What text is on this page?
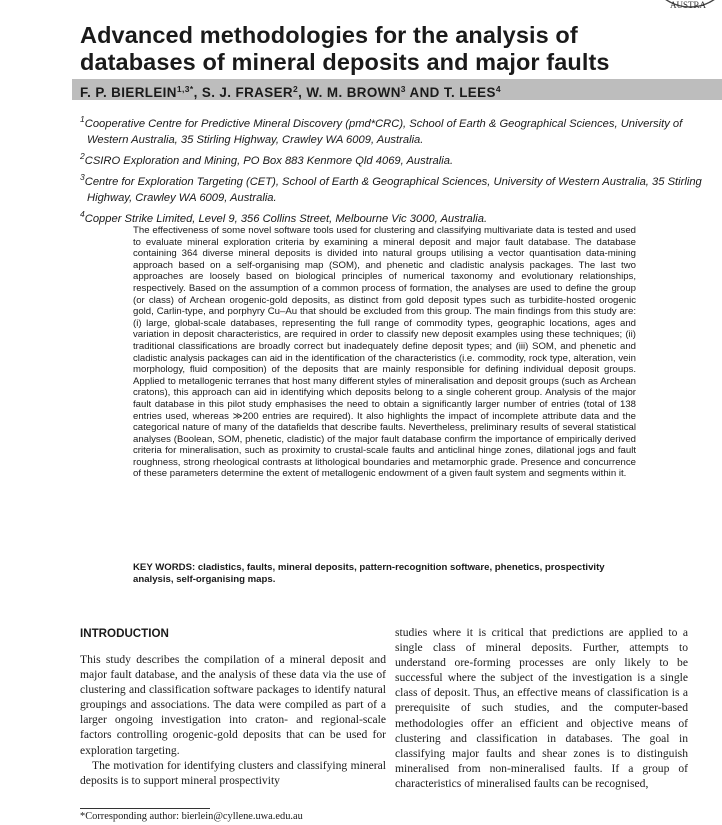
AUSTRA
Advanced methodologies for the analysis of databases of mineral deposits and major faults
F. P. $BIERLEIN^{1,3*}$, S. J. FRASER$^2$, W. M. BROWN$^3$ AND T. LEES$^4$

$^1$Cooperative Centre for Predictive Mineral Discovery (pmd*CRC), School of Earth & Geographical Sciences, University of Western Australia, 35 Stirling Highway, Crawley WA 6009, Australia.

$^2$CSIRO Exploration and Mining, PO Box 883 Kenmore Qld 4069, Australia.

$^3$Centre for Exploration Targeting (CET), School of Earth & Geographical Sciences, University of Western Australia, 35 Stirling Highway, Crawley WA 6009, Australia.

$^4$Copper Strike Limited, Level 9, 356 Collins Street, Melbourne Vic 3000, Australia.

The effectiveness of some novel software tools used for clustering and classifying multivariate data is tested and used to evaluate mineral exploration criteria by examining a mineral deposit and major fault database. The database containing 364 diverse mineral deposits is divided into natural groups utilising a vector quantisation data-mining approach based on a self-organising map (SOM), and phenetic and cladistic analysis packages. The last two approaches are loosely based on biological principles of numerical taxonomy and evolutionary relationships, respectively. Based on the assumption of a common process of formation, the analyses are used to define the group (or class) of Archean orogenic-gold deposits, as distinct from gold deposit types such as turbidite-hosted orogenic gold, Carlin-type, and porphyry Cu–Au that should be excluded from this group. The main findings from this study are: (i) large, global-scale databases, representing the full range of commodity types, geographic locations, ages and variation in deposit characteristics, are required in order to classify new deposit examples using these techniques; (ii) traditional classifications are broadly correct but inadequately define deposit types; and (iii) SOM, and phenetic and cladistic analysis packages can aid in the identification of the characteristics (i.e. commodity, rock type, alteration, vein morphology, fluid composition) of the deposits that are mainly responsible for defining individual deposit groups. Applied to metallogenic terranes that host many different styles of mineralisation and deposit groups (such as Archean cratons), this approach can aid in identifying which deposits belong to a single coherent group. Analysis of the major fault database in this pilot study emphasises the need to obtain a significantly larger number of entries (total of 138 entries used, whereas ≫200 entries are required). It also highlights the impact of incomplete attribute data and the categorical nature of many of the datafields that describe faults. Nevertheless, preliminary results of several statistical analyses (Boolean, SOM, phenetic, cladistic) of the major fault database confirm the importance of empirically derived criteria for mineralisation, such as proximity to crustal-scale faults and anticlinal hinge zones, dilational jogs and fault roughness, strong rheological contrasts at lithological boundaries and metamorphic grade. Presence and concurrence of these parameters determine the extent of metallogenic endowment of a given fault system and segments within it.

KEY WORDS: cladistics, faults, mineral deposits, pattern-recognition software, phenetics, prospectivity analysis, self-organising maps.

INTRODUCTION

This study describes the compilation of a mineral deposit and major fault database, and the analysis of these data via the use of clustering and classification software packages to identify natural groupings and associations. The data were compiled as part of a larger ongoing investigation into craton- and regional-scale factors controlling orogenic-gold deposits that can be used for exploration targeting.

The motivation for identifying clusters and classifying mineral deposits is to support mineral prospectivity

studies where it is critical that predictions are applied to a single class of mineral deposits. Further, attempts to understand ore-forming processes are only likely to be successful where the subject of the investigation is a single class of deposit. Thus, an effective means of classification is a prerequisite of such studies, and the computer-based methodologies offer an efficient and objective means of clustering and classification in databases. The goal in classifying major faults and shear zones is to distinguish mineralised from non-mineralised faults. If a group of characteristics of mineralised faults can be recognised,

*Corresponding author: bierlein@cyllene.uwa.edu.au
